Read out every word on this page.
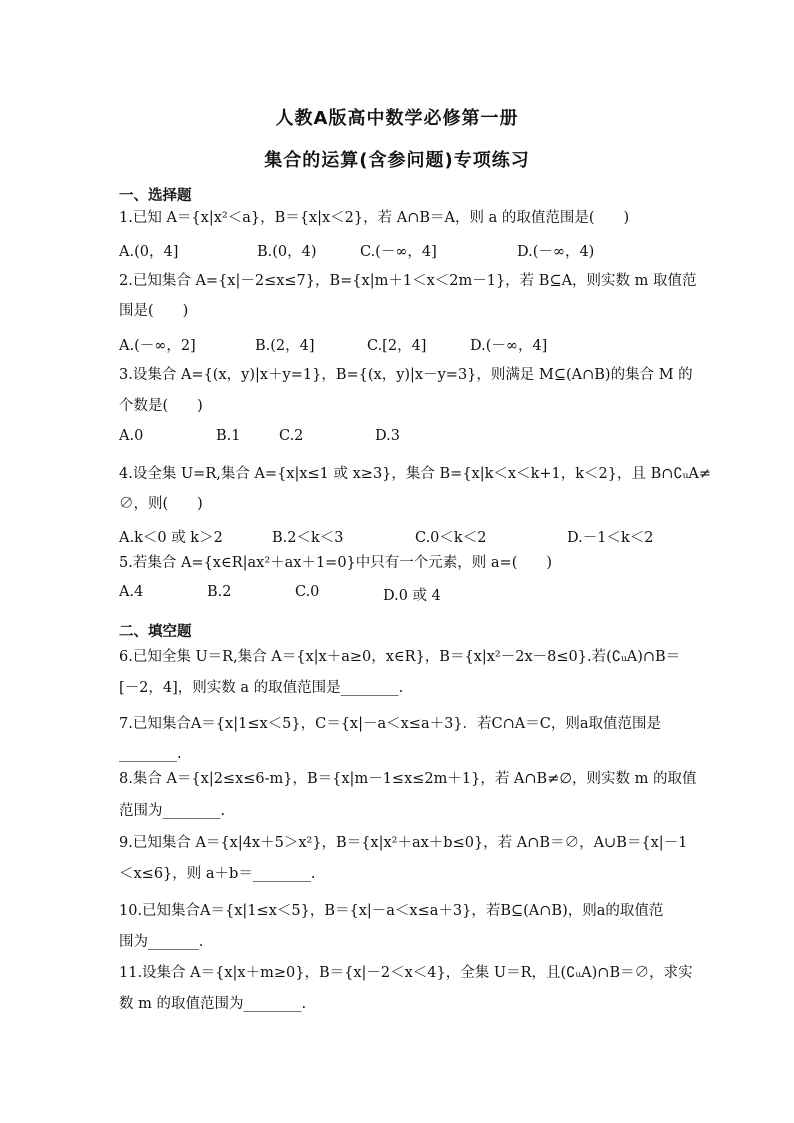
人教A版高中数学必修第一册
集合的运算(含参问题)专项练习
一、选择题
1.已知 A＝{x|x²＜a}，B＝{x|x＜2}，若 A∩B＝A，则 a 的取值范围是(　　)
A.(0，4]	B.(0，4)	C.(－∞，4]	D.(－∞，4)
2.已知集合 A={x|－2≤x≤7}，B={x|m＋1＜x＜2m－1}，若 B⊆A，则实数 m 取值范
围是(　　)
A.(－∞，2]	B.(2，4]	C.[2，4]	D.(－∞，4]
3.设集合 A={(x，y)|x＋y=1}，B={(x，y)|x－y=3}，则满足 M⊆(A∩B)的集合 M 的
个数是(　　)
A.0	B.1	C.2	D.3
4.设全集 U=R,集合 A={x|x≤1 或 x≥3}，集合 B={x|k＜x＜k+1，k＜2}，且 B∩∁ᵤA≠
∅，则(　　)
A.k＜0 或 k＞2	B.2＜k＜3	C.0＜k＜2	D.－1＜k＜2
5.若集合 A={x∈R|ax²＋ax＋1=0}中只有一个元素，则 a=(　　)
A.4	B.2	C.0	D.0 或 4
二、填空题
6.已知全集 U＝R,集合 A＝{x|x＋a≥0，x∈R}，B＝{x|x²－2x－8≤0}.若(∁ᵤA)∩B＝
[－2，4]，则实数 a 的取值范围是________.
7.已知集合A＝{x|1≤x＜5}，C＝{x|－a＜x≤a＋3}．若C∩A＝C，则a取值范围是
________.
8.集合 A＝{x|2≤x≤6-m}，B＝{x|m－1≤x≤2m＋1}，若 A∩B≠∅，则实数 m 的取值
范围为________.
9.已知集合 A＝{x|4x＋5＞x²}，B＝{x|x²＋ax＋b≤0}，若 A∩B＝∅，A∪B＝{x|－1
＜x≤6}，则 a＋b＝________.
10.已知集合A＝{x|1≤x＜5}，B＝{x|－a＜x≤a＋3}，若B⊆(A∩B)，则a的取值范
围为_______.
11.设集合 A＝{x|x＋m≥0}，B＝{x|－2＜x＜4}，全集 U＝R，且(∁ᵤA)∩B＝∅，求实
数 m 的取值范围为________.
